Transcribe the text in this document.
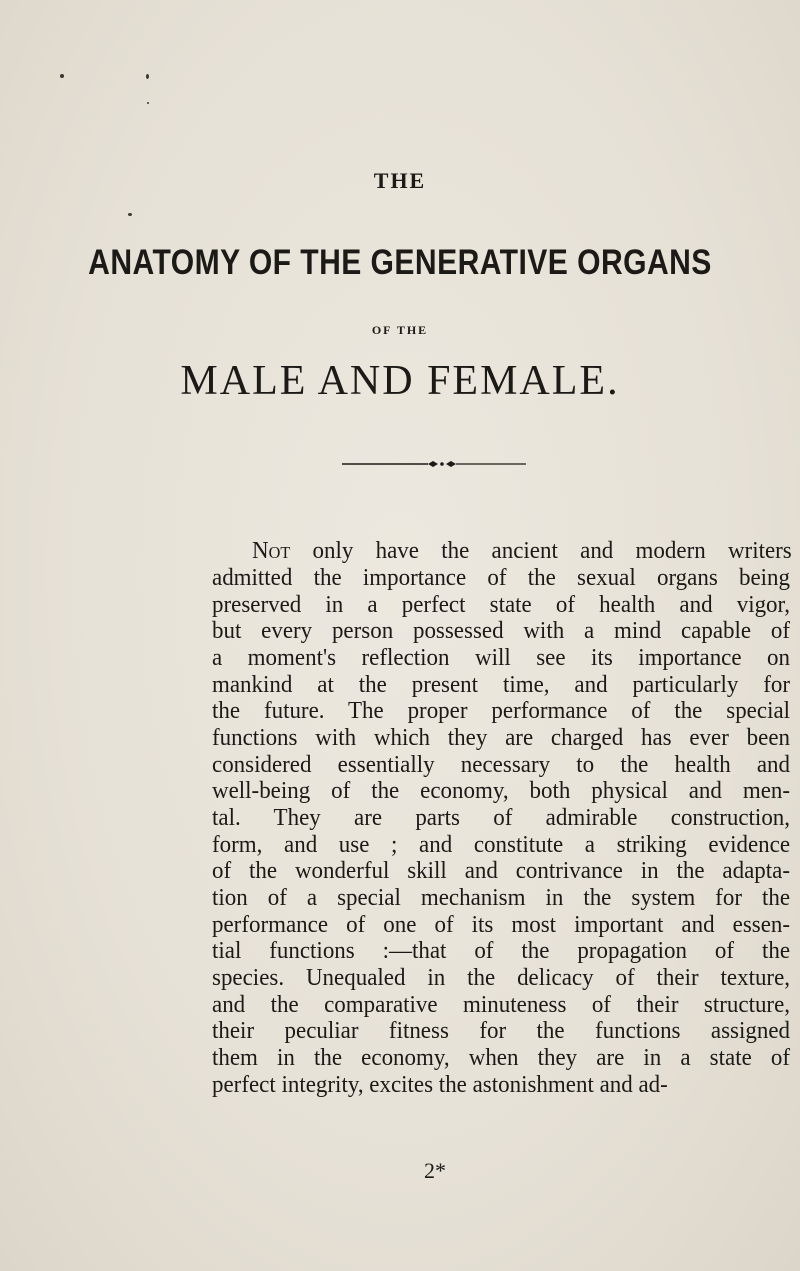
THE
ANATOMY OF THE GENERATIVE ORGANS
OF THE
MALE AND FEMALE.
Not only have the ancient and modern writers
admitted the importance of the sexual organs being
preserved in a perfect state of health and vigor,
but every person possessed with a mind capable of
a moment's reflection will see its importance on
mankind at the present time, and particularly for
the future. The proper performance of the special
functions with which they are charged has ever been
considered essentially necessary to the health and
well-being of the economy, both physical and men-
tal. They are parts of admirable construction,
form, and use ; and constitute a striking evidence
of the wonderful skill and contrivance in the adapta-
tion of a special mechanism in the system for the
performance of one of its most important and essen-
tial functions :—that of the propagation of the
species. Unequaled in the delicacy of their texture,
and the comparative minuteness of their structure,
their peculiar fitness for the functions assigned
them in the economy, when they are in a state of
perfect integrity, excites the astonishment and ad-
2*
